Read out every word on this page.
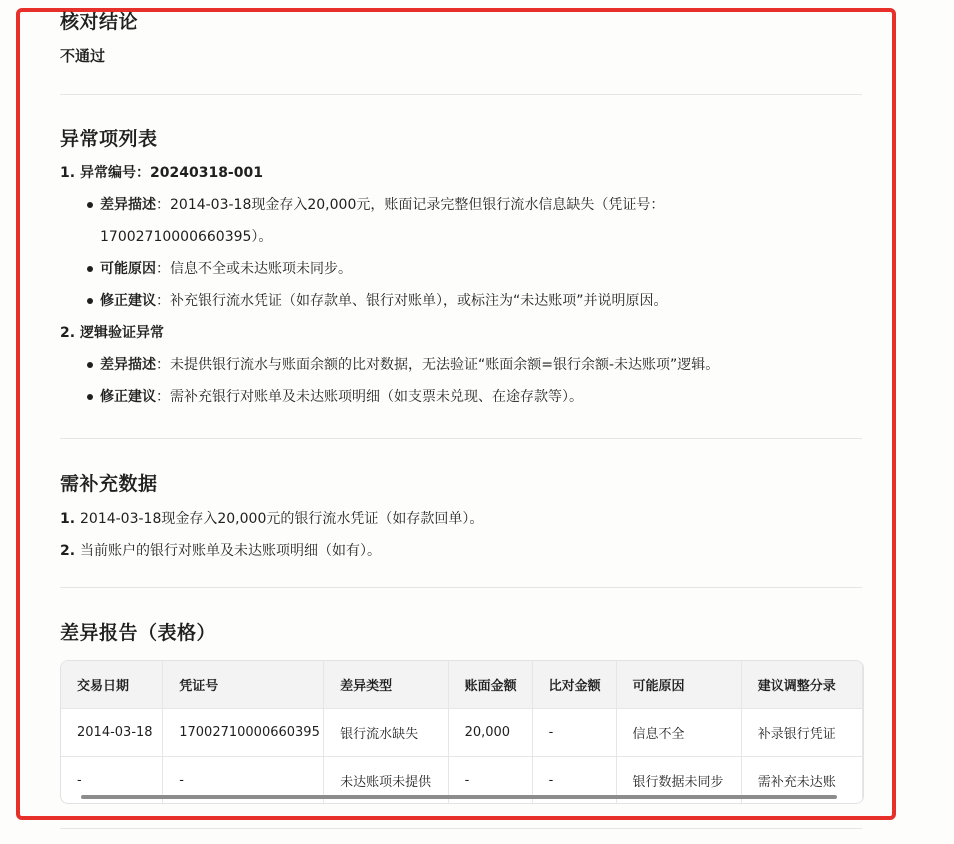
核对结论
不通过
异常项列表
1. 异常编号：20240318-001
差异描述：2014-03-18现金存入20,000元，账面记录完整但银行流水信息缺失（凭证号：
17002710000660395）。
可能原因：信息不全或未达账项未同步。
修正建议：补充银行流水凭证（如存款单、银行对账单），或标注为“未达账项”并说明原因。
2. 逻辑验证异常
差异描述：未提供银行流水与账面余额的比对数据，无法验证“账面余额=银行余额-未达账项”逻辑。
修正建议：需补充银行对账单及未达账项明细（如支票未兑现、在途存款等）。
需补充数据
1. 2014-03-18现金存入20,000元的银行流水凭证（如存款回单）。
2. 当前账户的银行对账单及未达账项明细（如有）。
差异报告（表格）
交易日期	凭证号	差异类型	账面金额	比对金额	可能原因	建议调整分录
2014-03-18	17002710000660395	银行流水缺失	20,000	-	信息不全	补录银行凭证
-	-	未达账项未提供	-	-	银行数据未同步	需补充未达账
